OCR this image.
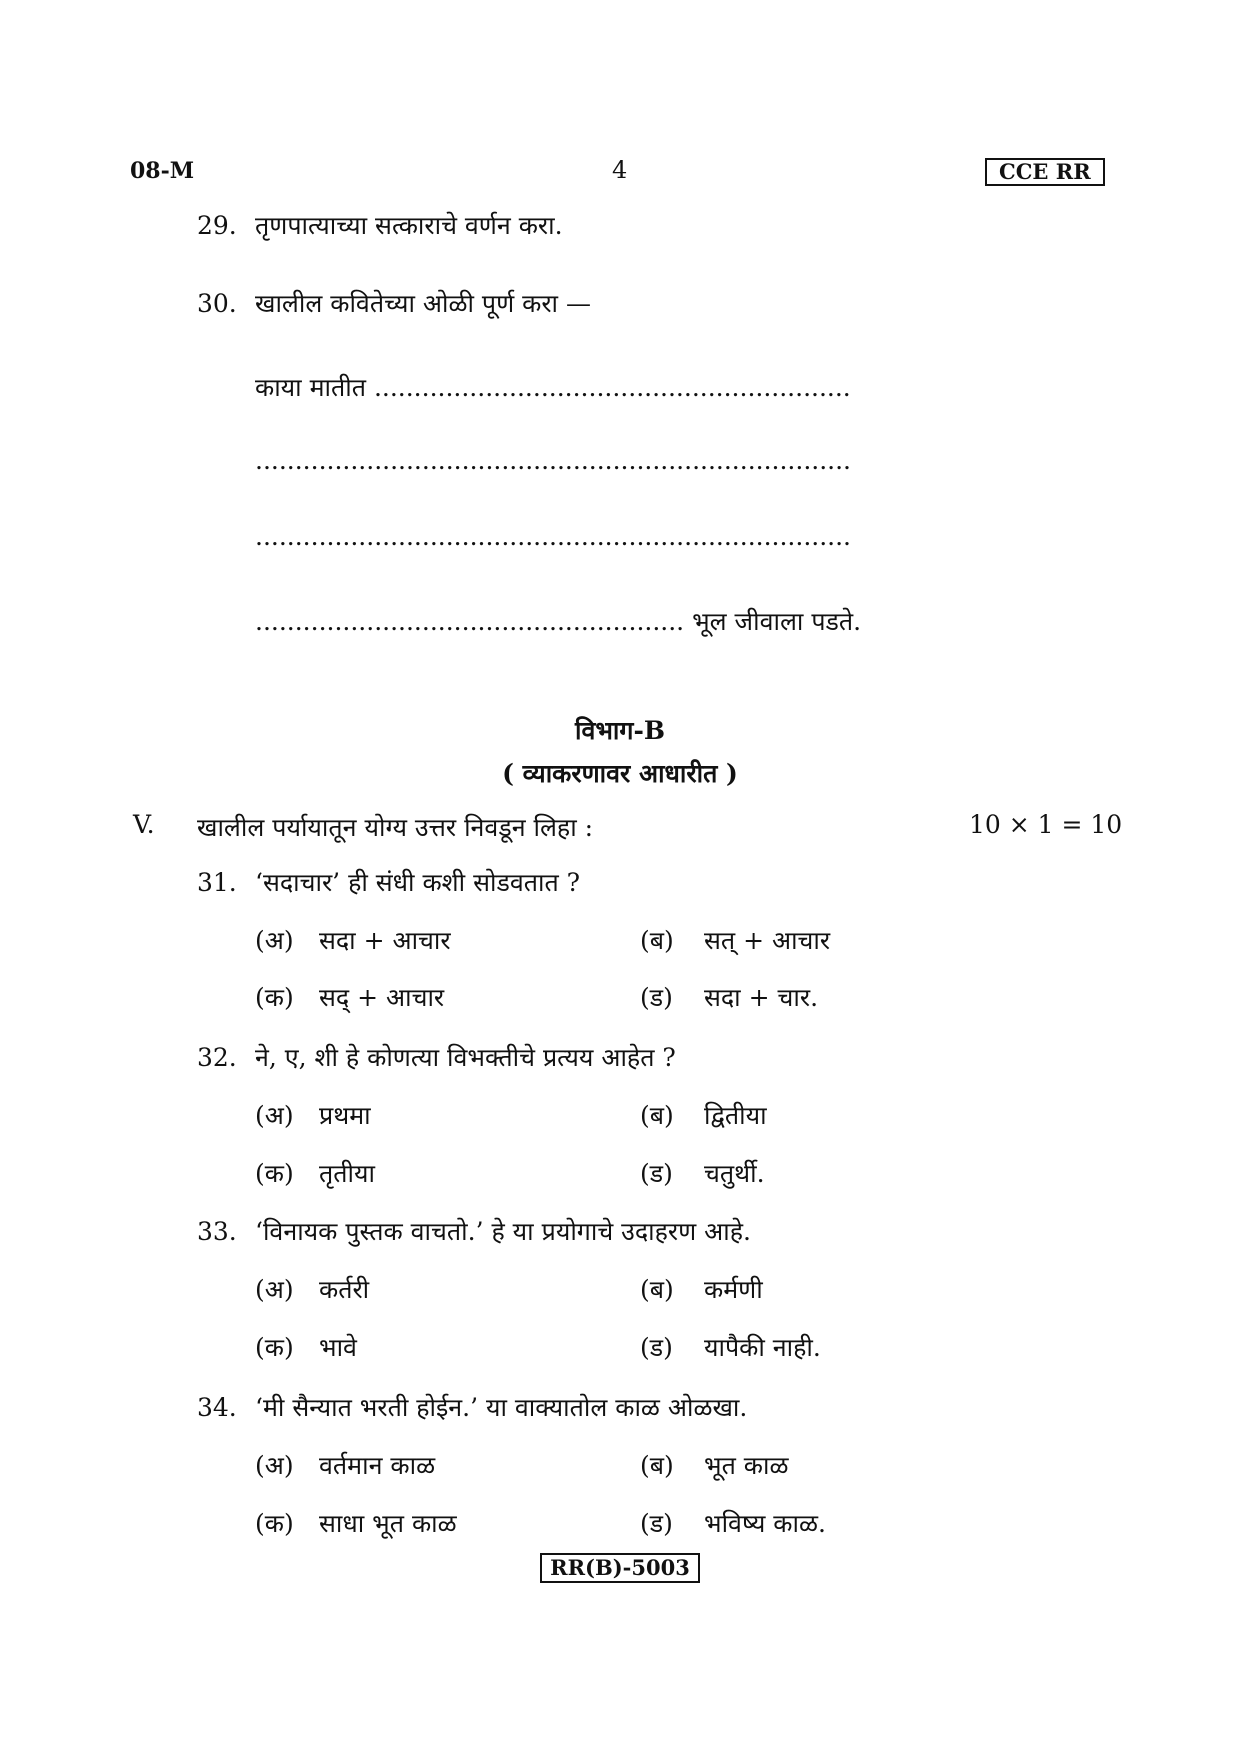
08-M	4	CCE RR
29. तृणपात्याच्या सत्काराचे वर्णन करा.
30. खालील कवितेच्या ओळी पूर्ण करा —
काया मातीत ............................................................
...........................................................................
...........................................................................
...................................................... भूल जीवाला पडते.
विभाग-B
( व्याकरणावर आधारीत )
V. खालील पर्यायातून योग्य उत्तर निवडून लिहा :	10 × 1 = 10
31. ‘सदाचार’ ही संधी कशी सोडवतात ?
(अ) सदा + आचार	(ब) सत् + आचार
(क) सद् + आचार	(ड) सदा + चार.
32. ने, ए, शी हे कोणत्या विभक्तीचे प्रत्यय आहेत ?
(अ) प्रथमा	(ब) द्वितीया
(क) तृतीया	(ड) चतुर्थी.
33. ‘विनायक पुस्तक वाचतो.’ हे या प्रयोगाचे उदाहरण आहे.
(अ) कर्तरी	(ब) कर्मणी
(क) भावे	(ड) यापैकी नाही.
34. ‘मी सैन्यात भरती होईन.’ या वाक्यातोल काळ ओळखा.
(अ) वर्तमान काळ	(ब) भूत काळ
(क) साधा भूत काळ	(ड) भविष्य काळ.
RR(B)-5003
